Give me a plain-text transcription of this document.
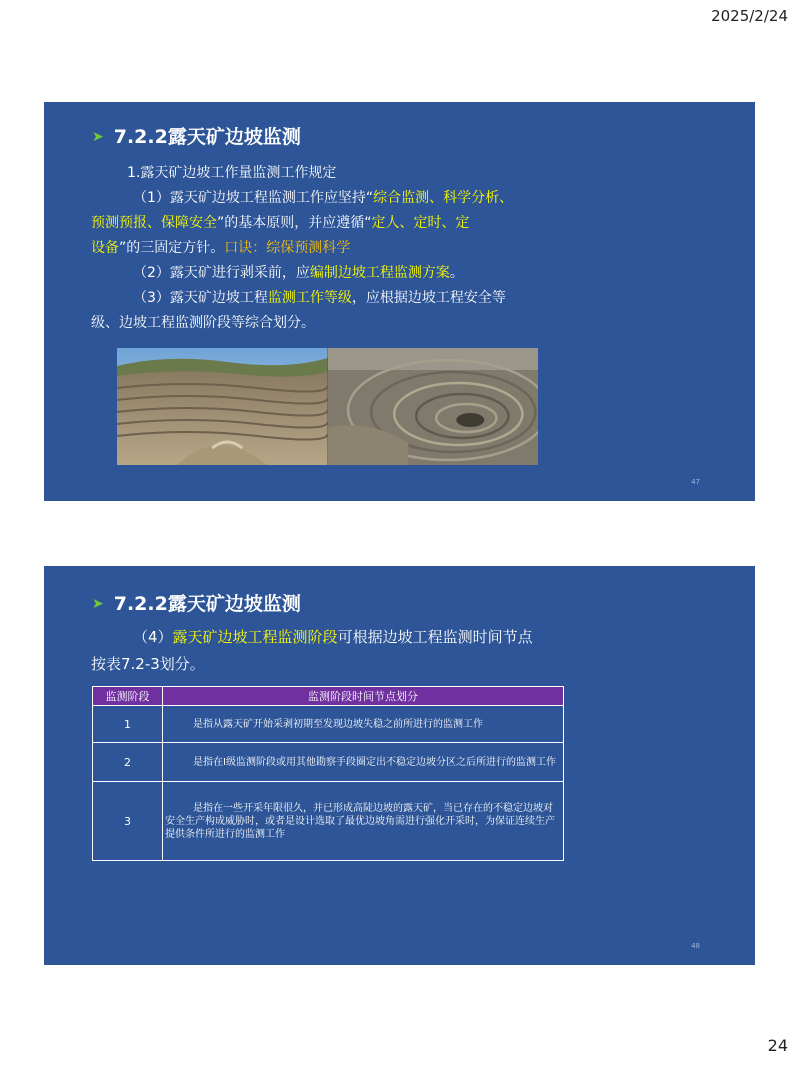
2025/2/24
➤ 7.2.2露天矿边坡监测
1.露天矿边坡工作量监测工作规定
（1）露天矿边坡工程监测工作应坚持“综合监测、科学分析、
预测预报、保障安全”的基本原则，并应遵循“定人、定时、定
设备”的三固定方针。口诀：综保预测科学
（2）露天矿进行剥采前，应编制边坡工程监测方案。
（3）露天矿边坡工程监测工作等级，应根据边坡工程安全等
级、边坡工程监测阶段等综合划分。
47
➤ 7.2.2露天矿边坡监测
（4）露天矿边坡工程监测阶段可根据边坡工程监测时间节点
按表7.2-3划分。
监测阶段	监测阶段时间节点划分
1	是指从露天矿开始采剥初期至发现边坡失稳之前所进行的监测工作

2	是指在Ⅰ级监测阶段或用其他勘察手段圈定出不稳定边坡分区之后所进行的监测工作

3	是指在一些开采年限很久，并已形成高陡边坡的露天矿，当已存在的不稳定边坡对安全生产构成威胁时，或者是设计选取了最优边坡角需进行强化开采时，为保证连续生产提供条件所进行的监测工作
48
24
